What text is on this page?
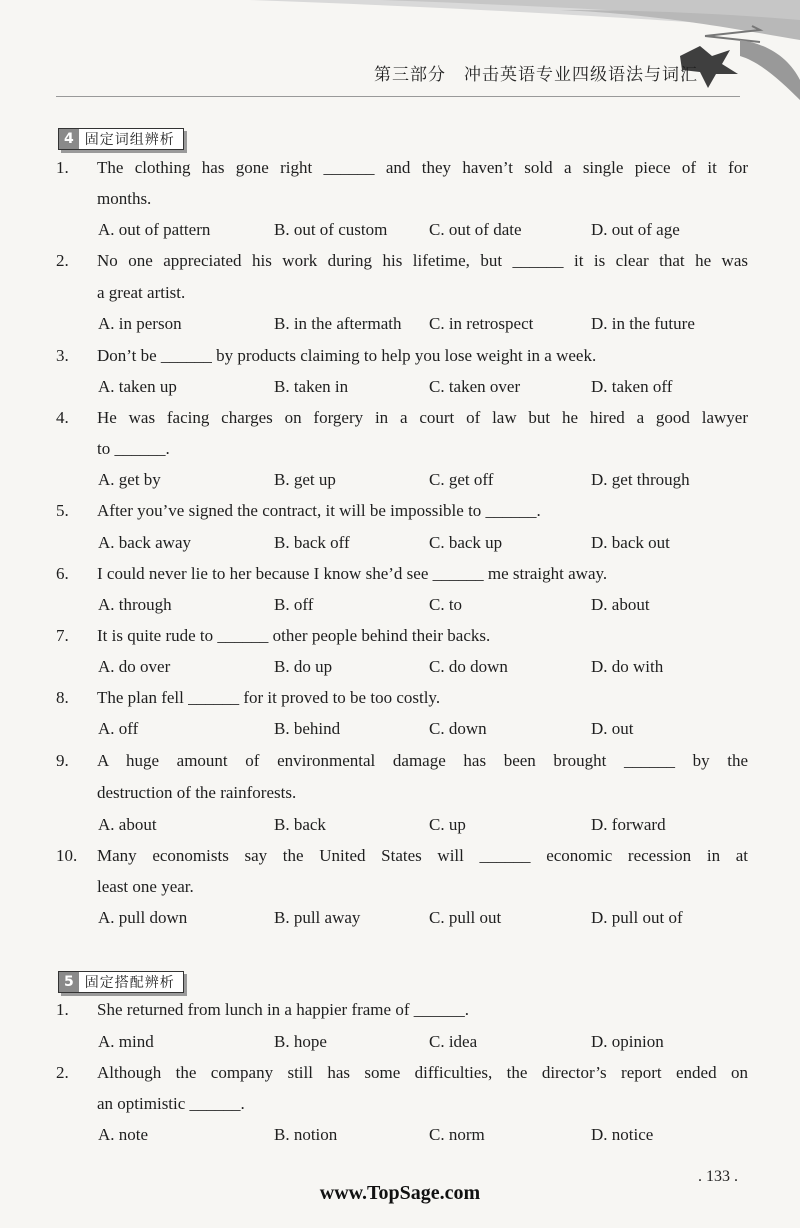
第三部分　冲击英语专业四级语法与词汇
4 固定词组辨析
1.	The clothing has gone right ______ and they haven’t sold a single piece of it for
months.
A. out of pattern	B. out of custom C. out of date	D. out of age
2.	No one appreciated his work during his lifetime, but ______ it is clear that he was
a great artist.
A. in person	B. in the aftermath C. in retrospect	D. in the future
3.	Don’t be ______ by products claiming to help you lose weight in a week.
A. taken up	B. taken in	C. taken over	D. taken off
4.	He was facing charges on forgery in a court of law but he hired a good lawyer
to ______.
A. get by	B. get up	C. get off	D. get through
5.	After you’ve signed the contract, it will be impossible to ______.
A. back away	B. back off	C. back up	D. back out
6.	I could never lie to her because I know she’d see ______ me straight away.
A. through	B. off	C. to	D. about
7.	It is quite rude to ______ other people behind their backs.
A. do over	B. do up	C. do down	D. do with
8.	The plan fell ______ for it proved to be too costly.
A. off	B. behind	C. down	D. out
9.	A huge amount of environmental damage has been brought ______ by the
destruction of the rainforests.
A. about	B. back	C. up	D. forward
10.	Many economists say the United States will ______ economic recession in at
least one year.
A. pull down	B. pull away	C. pull out	D. pull out of
5 固定搭配辨析
1.	She returned from lunch in a happier frame of ______.
A. mind	B. hope	C. idea	D. opinion
2.	Although the company still has some difficulties, the director’s report ended on
an optimistic ______.
A. note	B. notion	C. norm	D. notice
. 133 .
www.TopSage.com
